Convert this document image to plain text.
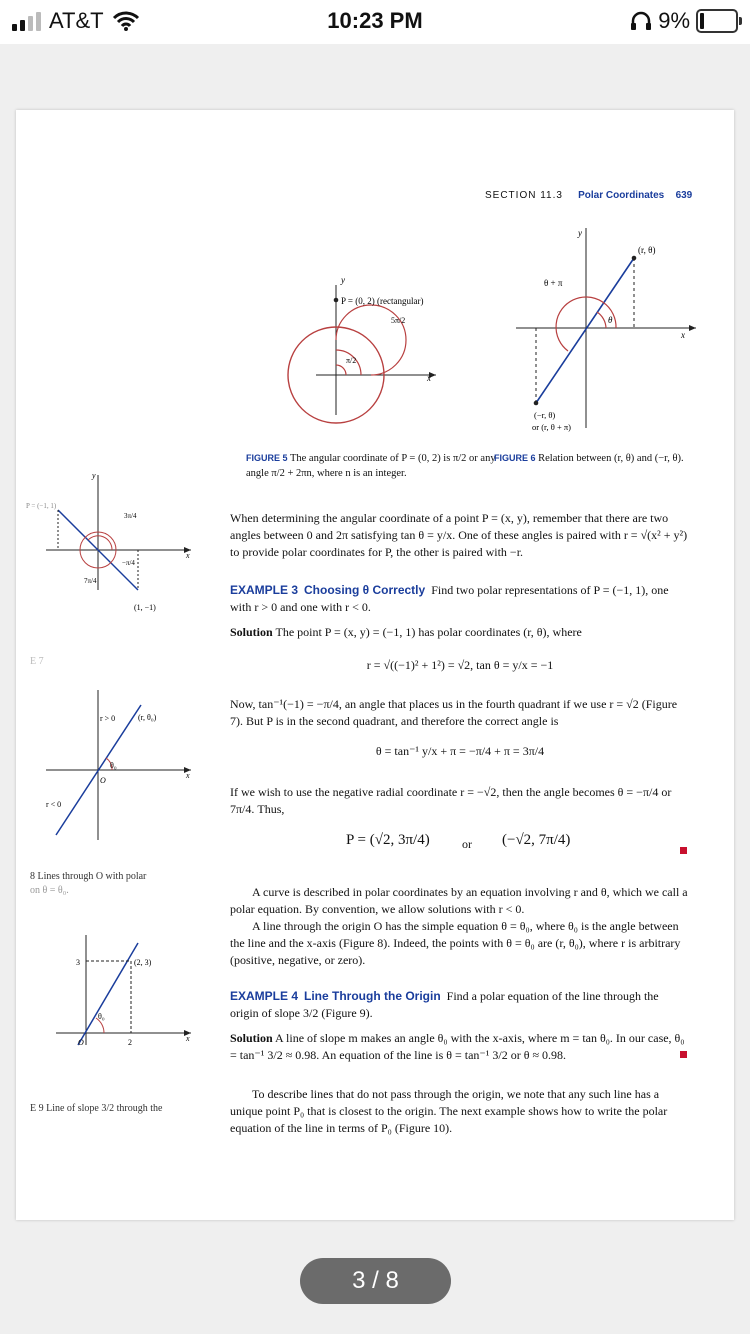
AT&T	10:23 PM	9%
SECTION 11.3 Polar Coordinates 639
x
y
P = (0, 2) (rectangular)
5π/2
π/2
x
y
(r, θ)
θ + π
θ
(−r, θ)
or (r, θ + π)
FIGURE 5 The angular coordinate of P = (0, 2) is π/2 or any angle π/2 + 2πn, where n is an integer.
FIGURE 6 Relation between (r, θ) and (−r, θ).
x
y
P = (−1, 1)
3π/4
−π/4
7π/4
(1, −1)
E 7
x
r > 0	(r, θ₀)
θ₀
O
r < 0
8 Lines through O with polar
on θ = θ₀.
x
3	(2, 3)
θ₀
O	2
E 9 Line of slope 3/2 through the
When determining the angular coordinate of a point P = (x, y), remember that there are two angles between 0 and 2π satisfying tan θ = y/x. One of these angles is paired with r = √(x² + y²) to provide polar coordinates for P, the other is paired with −r.
EXAMPLE 3 Choosing θ Correctly Find two polar representations of P = (−1, 1), one with r > 0 and one with r < 0.
Solution The point P = (x, y) = (−1, 1) has polar coordinates (r, θ), where
r = √((−1)² + 1²) = √2, tan θ = y/x = −1
Now, tan⁻¹(−1) = −π/4, an angle that places us in the fourth quadrant if we use r = √2 (Figure 7). But P is in the second quadrant, and therefore the correct angle is
θ = tan⁻¹ y/x + π = −π/4 + π = 3π/4
If we wish to use the negative radial coordinate r = −√2, then the angle becomes θ = −π/4 or 7π/4. Thus,
P = (√2, 3π/4)	or (−√2, 7π/4)
A curve is described in polar coordinates by an equation involving r and θ, which we call a polar equation. By convention, we allow solutions with r < 0.
A line through the origin O has the simple equation θ = θ₀, where θ₀ is the angle between the line and the x-axis (Figure 8). Indeed, the points with θ = θ₀ are (r, θ₀), where r is arbitrary (positive, negative, or zero).
EXAMPLE 4 Line Through the Origin Find a polar equation of the line through the origin of slope 3/2 (Figure 9).
Solution A line of slope m makes an angle θ₀ with the x-axis, where m = tan θ₀. In our case, θ₀ = tan⁻¹ 3/2 ≈ 0.98. An equation of the line is θ = tan⁻¹ 3/2 or θ ≈ 0.98.
To describe lines that do not pass through the origin, we note that any such line has a unique point P₀ that is closest to the origin. The next example shows how to write the polar equation of the line in terms of P₀ (Figure 10).
3 / 8
